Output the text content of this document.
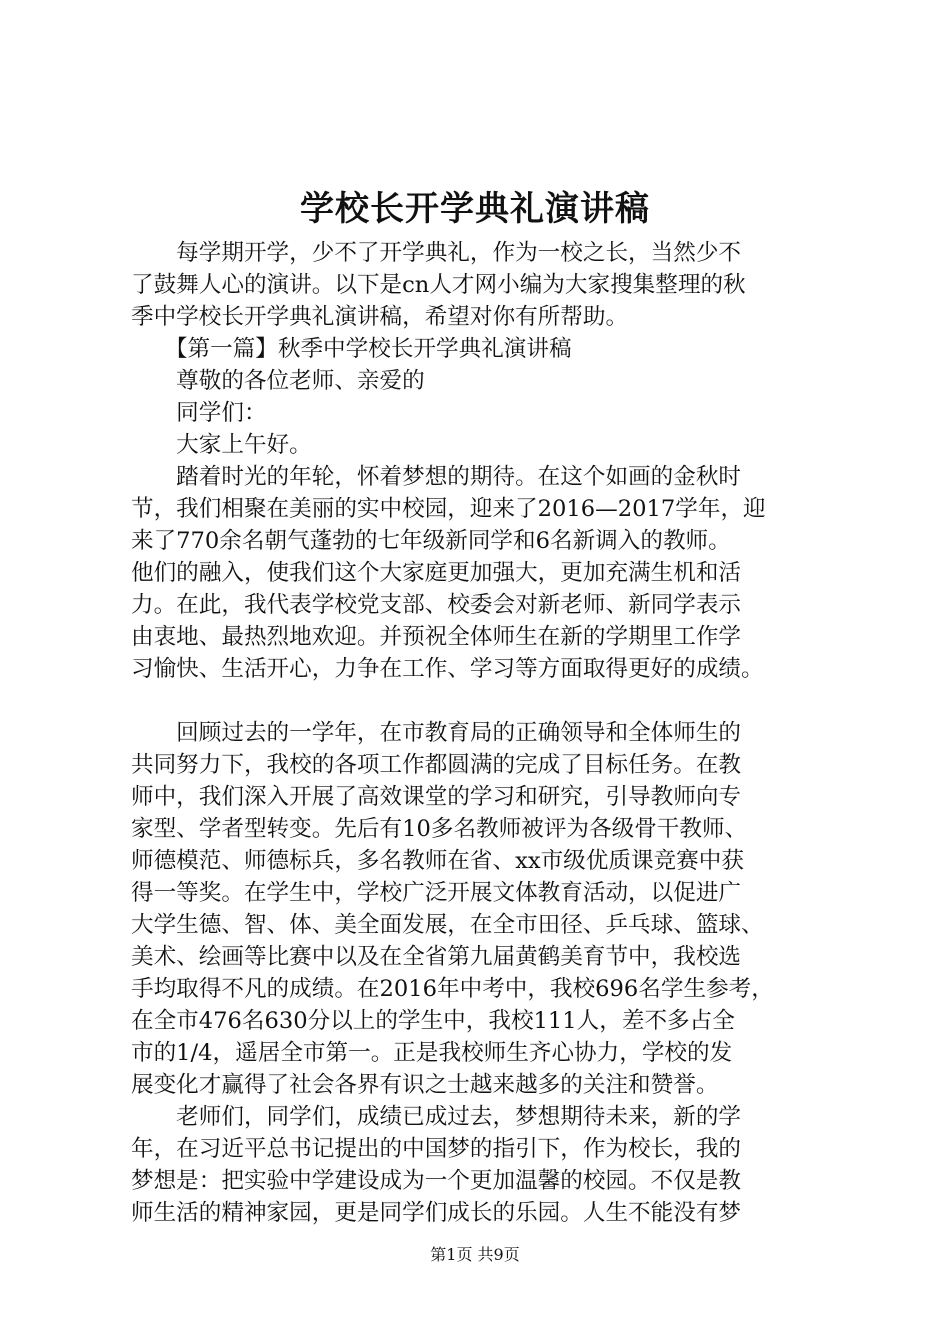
学校长开学典礼演讲稿
　　每学期开学，少不了开学典礼，作为一校之长，当然少不
了鼓舞人心的演讲。以下是cn人才网小编为大家搜集整理的秋
季中学校长开学典礼演讲稿，希望对你有所帮助。
　　【第一篇】秋季中学校长开学典礼演讲稿
　　尊敬的各位老师、亲爱的
　　同学们：
　　大家上午好。
　　踏着时光的年轮，怀着梦想的期待。在这个如画的金秋时
节，我们相聚在美丽的实中校园，迎来了2016—2017学年，迎
来了770余名朝气蓬勃的七年级新同学和6名新调入的教师。
他们的融入，使我们这个大家庭更加强大，更加充满生机和活
力。在此，我代表学校党支部、校委会对新老师、新同学表示
由衷地、最热烈地欢迎。并预祝全体师生在新的学期里工作学
习愉快、生活开心，力争在工作、学习等方面取得更好的成绩。
　　回顾过去的一学年，在市教育局的正确领导和全体师生的
共同努力下，我校的各项工作都圆满的完成了目标任务。在教
师中，我们深入开展了高效课堂的学习和研究，引导教师向专
家型、学者型转变。先后有10多名教师被评为各级骨干教师、
师德模范、师德标兵，多名教师在省、xx市级优质课竞赛中获
得一等奖。在学生中，学校广泛开展文体教育活动，以促进广
大学生德、智、体、美全面发展，在全市田径、乒乓球、篮球、
美术、绘画等比赛中以及在全省第九届黄鹤美育节中，我校选
手均取得不凡的成绩。在2016年中考中，我校696名学生参考，
在全市476名630分以上的学生中，我校111人，差不多占全
市的1/4，遥居全市第一。正是我校师生齐心协力，学校的发
展变化才赢得了社会各界有识之士越来越多的关注和赞誉。
　　老师们，同学们，成绩已成过去，梦想期待未来，新的学
年，在习近平总书记提出的中国梦的指引下，作为校长，我的
梦想是：把实验中学建设成为一个更加温馨的校园。不仅是教
师生活的精神家园，更是同学们成长的乐园。人生不能没有梦
第1页 共9页
